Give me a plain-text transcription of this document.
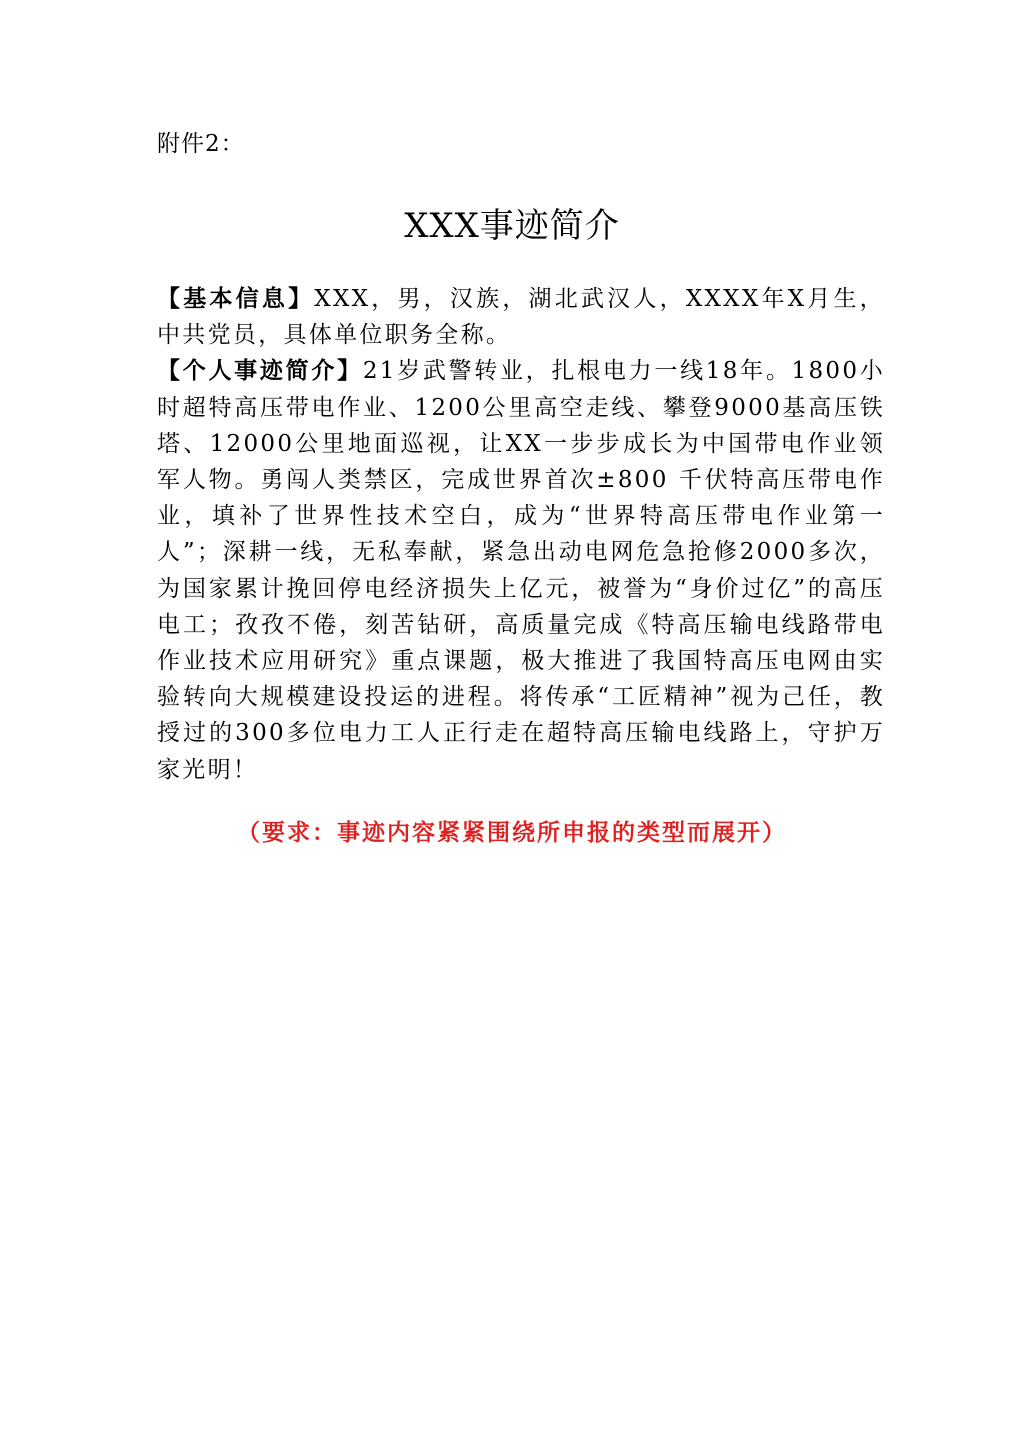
附件2：
XXX事迹简介

【基本信息】XXX，男，汉族，湖北武汉人，XXXX年X月生，中共党员，具体单位职务全称。

【个人事迹简介】21岁武警转业，扎根电力一线18年。1800小时超特高压带电作业、1200公里高空走线、攀登9000基高压铁塔、12000公里地面巡视，让XX一步步成长为中国带电作业领军人物。勇闯人类禁区，完成世界首次±800 千伏特高压带电作业，填补了世界性技术空白，成为“世界特高压带电作业第一人”；深耕一线，无私奉献，紧急出动电网危急抢修2000多次，为国家累计挽回停电经济损失上亿元，被誉为“身价过亿”的高压电工；孜孜不倦，刻苦钻研，高质量完成《特高压输电线路带电作业技术应用研究》重点课题，极大推进了我国特高压电网由实验转向大规模建设投运的进程。将传承“工匠精神”视为己任，教授过的300多位电力工人正行走在超特高压输电线路上，守护万家光明！

（要求：事迹内容紧紧围绕所申报的类型而展开）
